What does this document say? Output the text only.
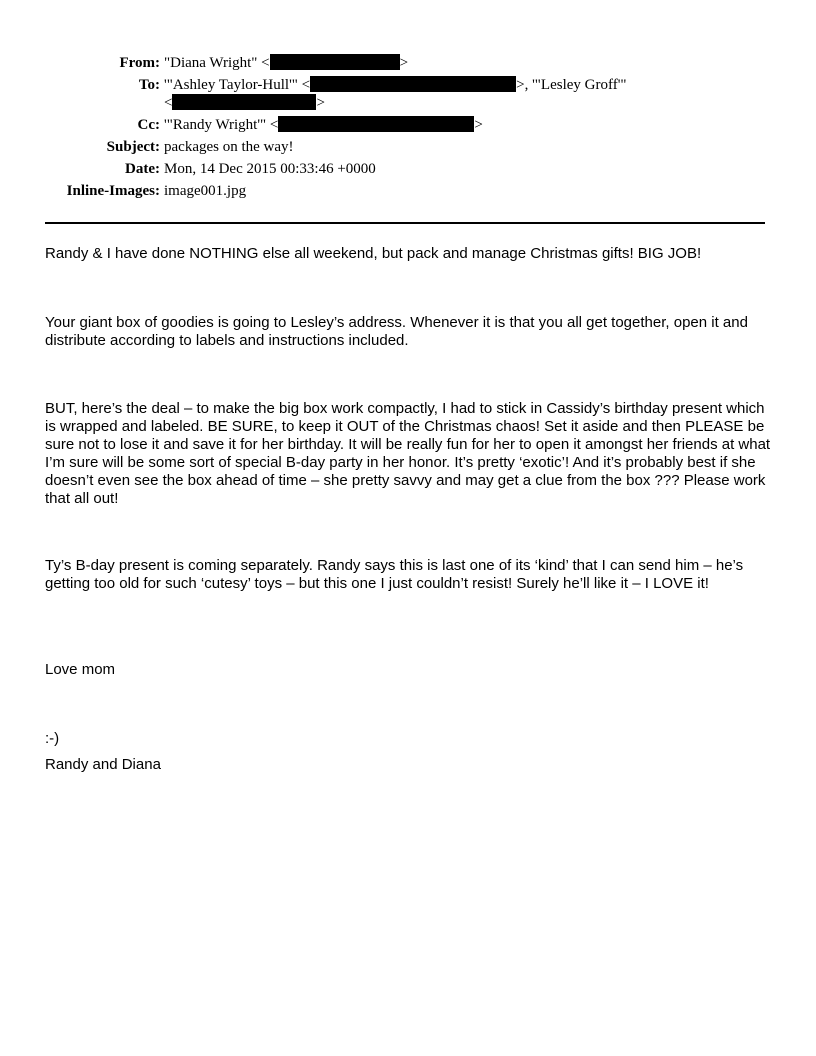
From: "Diana Wright" <	>
To: '"Ashley Taylor-Hull'" <	>, '"Lesley Groff'"
<	>
Cc: '"Randy Wright'" <	>
Subject: packages on the way!
Date: Mon, 14 Dec 2015 00:33:46 +0000
Inline-Images: image001.jpg

Randy & I have done NOTHING else all weekend, but pack and manage Christmas gifts! BIG JOB!

Your giant box of goodies is going to Lesley’s address. Whenever it is that you all get together, open it and distribute according to labels and instructions included.

BUT, here’s the deal – to make the big box work compactly, I had to stick in Cassidy’s birthday present which is wrapped and labeled. BE SURE, to keep it OUT of the Christmas chaos! Set it aside and then PLEASE be sure not to lose it and save it for her birthday. It will be really fun for her to open it amongst her friends at what I’m sure will be some sort of special B-day party in her honor. It’s pretty ‘exotic’! And it’s probably best if she doesn’t even see the box ahead of time – she pretty savvy and may get a clue from the box ??? Please work that all out!

Ty’s B-day present is coming separately. Randy says this is last one of its ‘kind’ that I can send him – he’s getting too old for such ‘cutesy’ toys – but this one I just couldn’t resist! Surely he’ll like it – I LOVE it!

Love mom

:-)

Randy and Diana
